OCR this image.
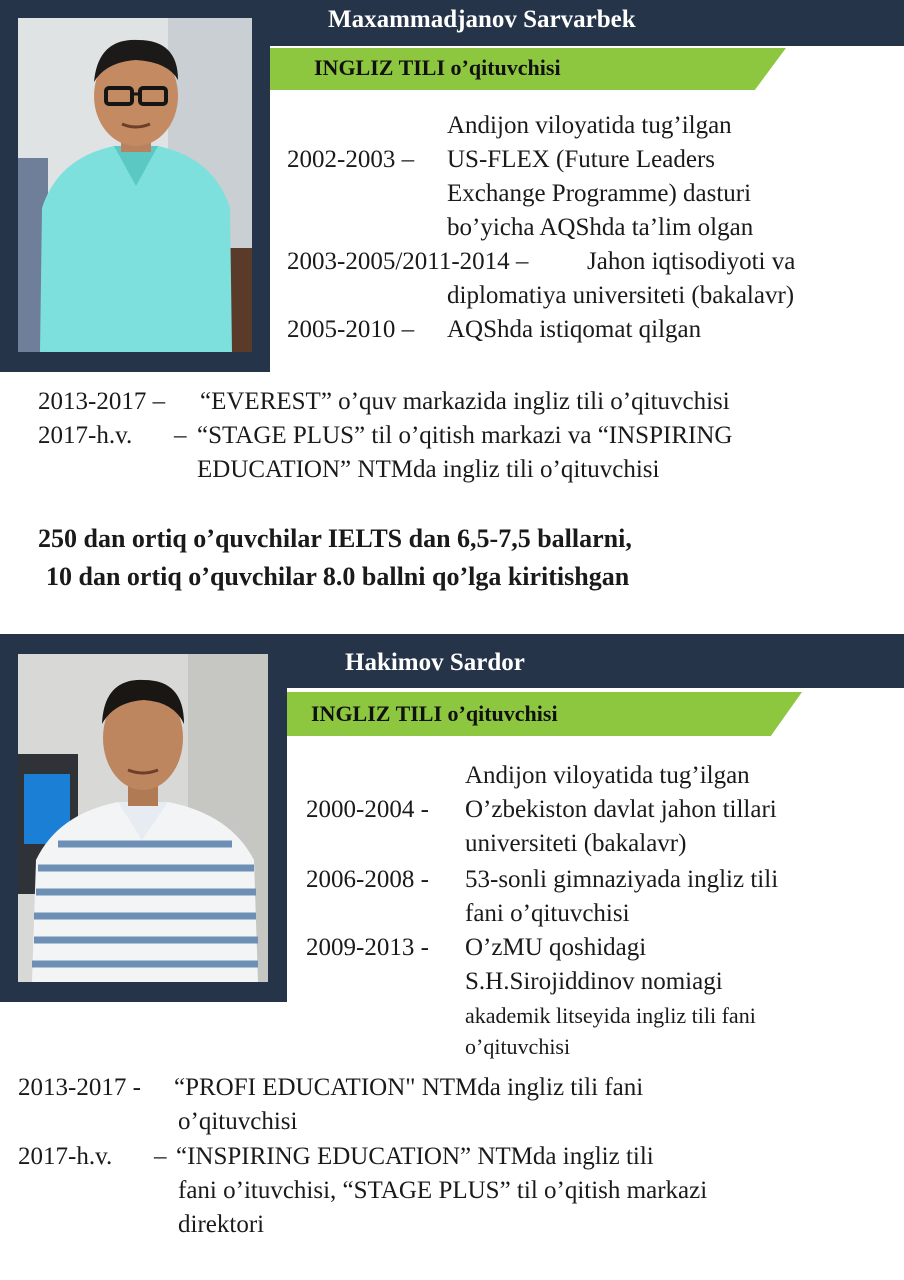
Maxammadjanov Sarvarbek
INGLIZ TILI o’qituvchisi
Andijon viloyatida tug’ilgan
2002-2003 – US-FLEX (Future Leaders
Exchange Programme) dasturi
bo’yicha AQShda ta’lim olgan
2003-2005/2011-2014 – Jahon iqtisodiyoti va
diplomatiya universiteti (bakalavr)
2005-2010 – AQShda istiqomat qilgan
2013-2017 – “EVEREST” o’quv markazida ingliz tili o’qituvchisi
2017-h.v. – “STAGE PLUS” til o’qitish markazi va “INSPIRING
EDUCATION” NTMda ingliz tili o’qituvchisi
250 dan ortiq o’quvchilar IELTS dan 6,5-7,5 ballarni,
10 dan ortiq o’quvchilar 8.0 ballni qo’lga kiritishgan
Hakimov Sardor
INGLIZ TILI o’qituvchisi
Andijon viloyatida tug’ilgan
2000-2004 - O’zbekiston davlat jahon tillari
universiteti (bakalavr)
2006-2008 - 53-sonli gimnaziyada ingliz tili
fani o’qituvchisi
2009-2013 - O’zMU qoshidagi
S.H.Sirojiddinov nomiagi
akademik litseyida ingliz tili fani
o’qituvchisi
2013-2017 - “PROFI EDUCATION" NTMda ingliz tili fani
o’qituvchisi
2017-h.v. – “INSPIRING EDUCATION” NTMda ingliz tili
fani o’ituvchisi, “STAGE PLUS” til o’qitish markazi
direktori
